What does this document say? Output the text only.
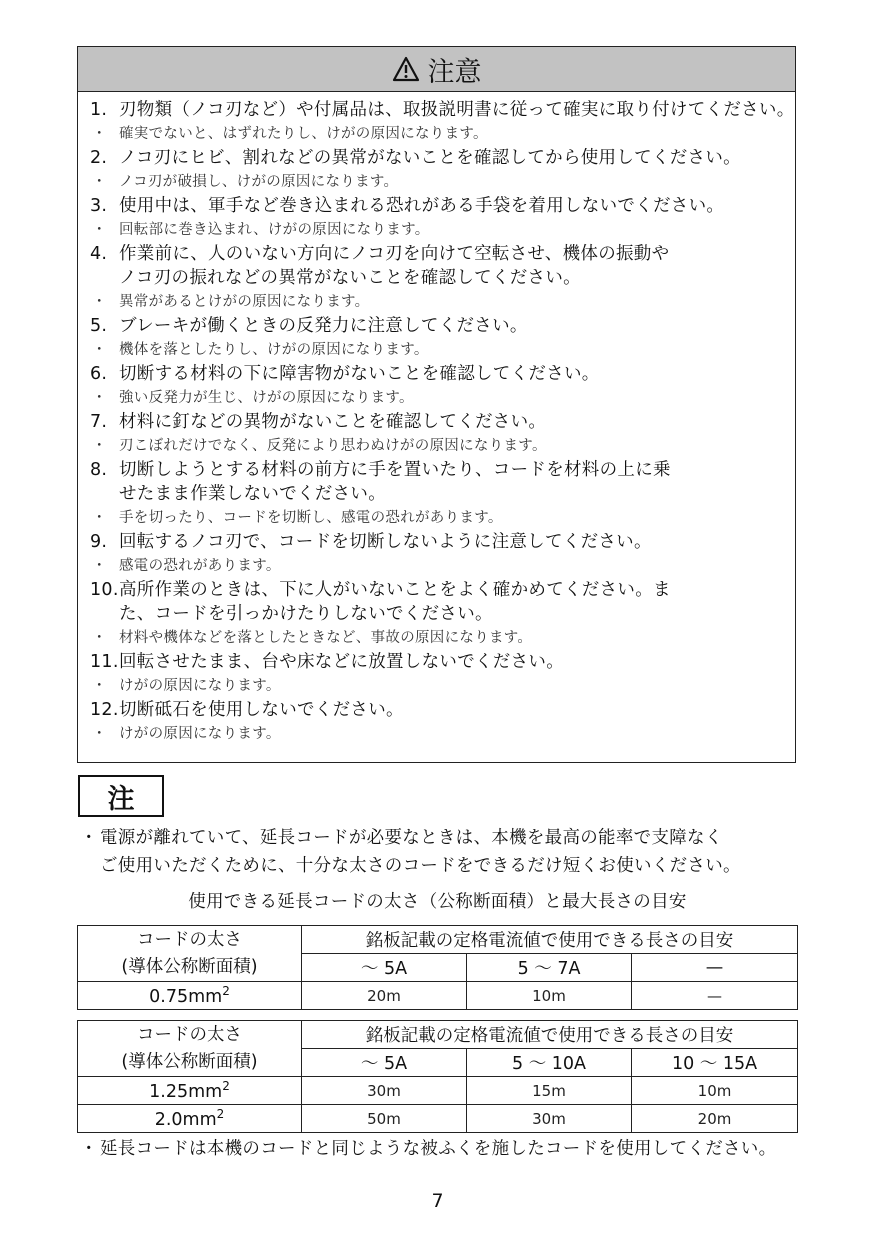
注意
1. 刃物類（ノコ刃など）や付属品は、取扱説明書に従って確実に取り付けてください。
・ 確実でないと、はずれたりし、けがの原因になります。
2. ノコ刃にヒビ、割れなどの異常がないことを確認してから使用してください。
・ ノコ刃が破損し、けがの原因になります。
3. 使用中は、軍手など巻き込まれる恐れがある手袋を着用しないでください。
・ 回転部に巻き込まれ、けがの原因になります。
4. 作業前に、人のいない方向にノコ刃を向けて空転させ、機体の振動や
ノコ刃の振れなどの異常がないことを確認してください。
・ 異常があるとけがの原因になります。
5. ブレーキが働くときの反発力に注意してください。
・ 機体を落としたりし、けがの原因になります。
6. 切断する材料の下に障害物がないことを確認してください。
・ 強い反発力が生じ、けがの原因になります。
7. 材料に釘などの異物がないことを確認してください。
・ 刃こぼれだけでなく、反発により思わぬけがの原因になります。
8. 切断しようとする材料の前方に手を置いたり、コードを材料の上に乗
せたまま作業しないでください。
・ 手を切ったり、コードを切断し、感電の恐れがあります。
9. 回転するノコ刃で、コードを切断しないように注意してください。
・ 感電の恐れがあります。
10. 高所作業のときは、下に人がいないことをよく確かめてください。ま
た、コードを引っかけたりしないでください。
・ 材料や機体などを落としたときなど、事故の原因になります。
11. 回転させたまま、台や床などに放置しないでください。
・ けがの原因になります。
12. 切断砥石を使用しないでください。
・ けがの原因になります。
注
・ 電源が離れていて、延長コードが必要なときは、本機を最高の能率で支障なく
ご使用いただくために、十分な太さのコードをできるだけ短くお使いください。
使用できる延長コードの太さ（公称断面積）と最大長さの目安
コードの太さ
(導体公称断面積)	銘板記載の定格電流値で使用できる長さの目安		
	～ 5A	5 ～ 7A	—
$0.75mm^2$	20m	10m	—
コードの太さ
(導体公称断面積)	銘板記載の定格電流値で使用できる長さの目安		
	～ 5A	5 ～ 10A	10 ～ 15A
$1.25mm^2$	30m	15m	10m
$2.0mm^2$	50m	30m	20m
・ 延長コードは本機のコードと同じような被ふくを施したコードを使用してください。
7
